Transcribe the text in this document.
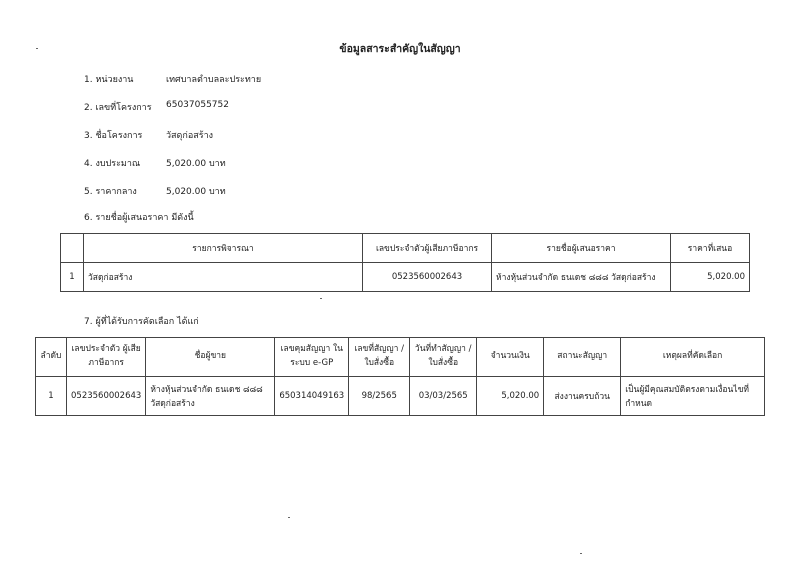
ข้อมูลสาระสำคัญในสัญญา
1. หน่วยงาน	เทศบาลตำบลละประทาย
2. เลขที่โครงการ	65037055752
3. ชื่อโครงการ	วัสดุก่อสร้าง
4. งบประมาณ	5,020.00 บาท
5. ราคากลาง	5,020.00 บาท
6. รายชื่อผู้เสนอราคา มีดังนี้
	รายการพิจารณา	เลขประจำตัวผู้เสียภาษีอากร	รายชื่อผู้เสนอราคา	ราคาที่เสนอ
1	วัสดุก่อสร้าง	0523560002643	ห้างหุ้นส่วนจำกัด ธนเดช ๘๘๘ วัสดุก่อสร้าง	5,020.00
7. ผู้ที่ได้รับการคัดเลือก ได้แก่
ลำดับ	เลขประจำตัว ผู้เสียภาษีอากร	ชื่อผู้ขาย	เลขคุมสัญญา ในระบบ e-GP	เลขที่สัญญา / ใบสั่งซื้อ	วันที่ทำสัญญา / ใบสั่งซื้อ	จำนวนเงิน	สถานะสัญญา	เหตุผลที่คัดเลือก
1	0523560002643	ห้างหุ้นส่วนจำกัด ธนเดช ๘๘๘ วัสดุก่อสร้าง	650314049163	98/2565	03/03/2565	5,020.00	ส่งงานครบถ้วน	เป็นผู้มีคุณสมบัติตรงตามเงื่อนไขที่กำหนด
